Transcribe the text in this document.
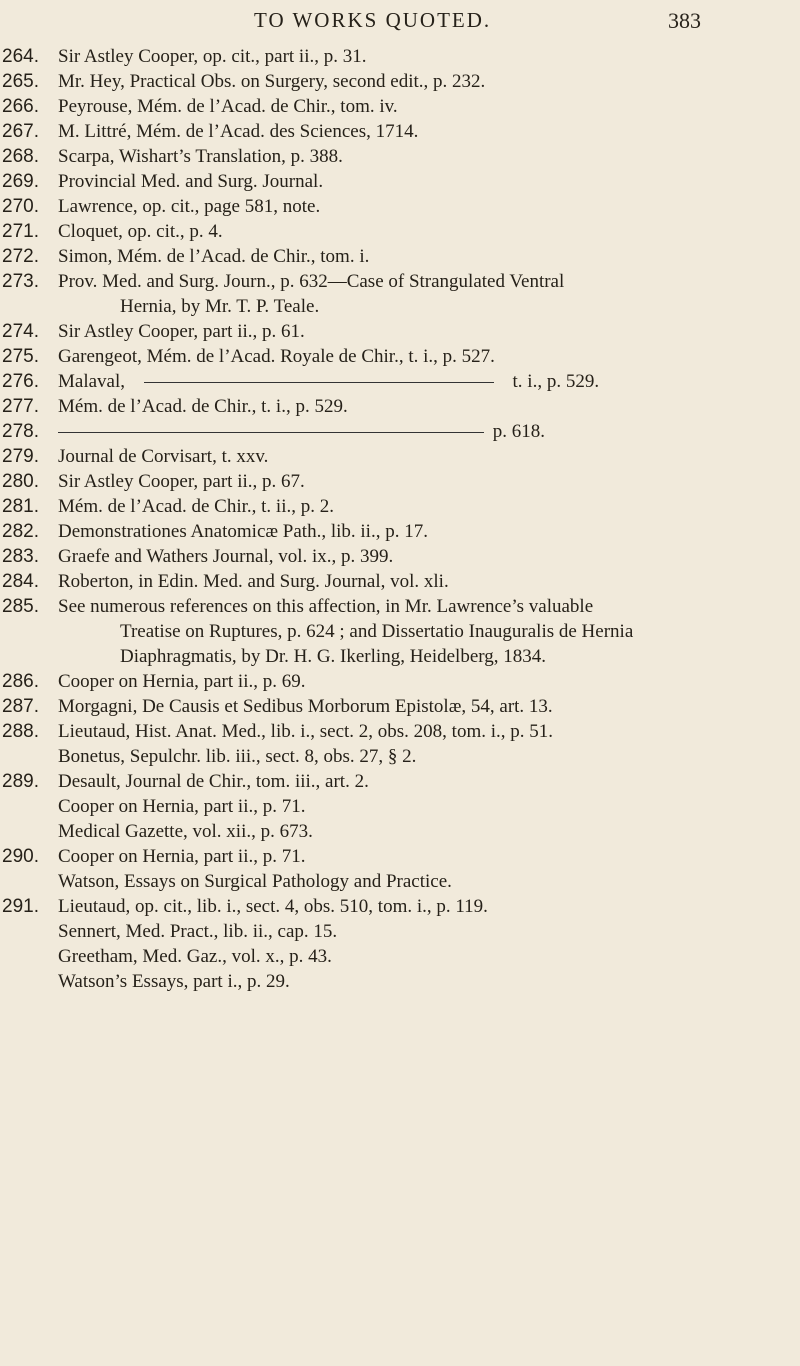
TO WORKS QUOTED.	383
264.	Sir Astley Cooper, op. cit., part ii., p. 31.
265.	Mr. Hey, Practical Obs. on Surgery, second edit., p. 232.
266.	Peyrouse, Mém. de l’Acad. de Chir., tom. iv.
267.	M. Littré, Mém. de l’Acad. des Sciences, 1714.
268.	Scarpa, Wishart’s Translation, p. 388.
269.	Provincial Med. and Surg. Journal.
270.	Lawrence, op. cit., page 581, note.
271.	Cloquet, op. cit., p. 4.
272.	Simon, Mém. de l’Acad. de Chir., tom. i.
273.	Prov. Med. and Surg. Journ., p. 632—Case of Strangulated Ventral
Hernia, by Mr. T. P. Teale.
274.	Sir Astley Cooper, part ii., p. 61.
275.	Garengeot, Mém. de l’Acad. Royale de Chir., t. i., p. 527.
276.	Malaval,	t. i., p. 529.
277.	Mém. de l’Acad. de Chir., t. i., p. 529.
278.	p. 618.
279.	Journal de Corvisart, t. xxv.
280.	Sir Astley Cooper, part ii., p. 67.
281.	Mém. de l’Acad. de Chir., t. ii., p. 2.
282.	Demonstrationes Anatomicæ Path., lib. ii., p. 17.
283.	Graefe and Wathers Journal, vol. ix., p. 399.
284.	Roberton, in Edin. Med. and Surg. Journal, vol. xli.
285.	See numerous references on this affection, in Mr. Lawrence’s valuable
Treatise on Ruptures, p. 624 ; and Dissertatio Inauguralis de Hernia
Diaphragmatis, by Dr. H. G. Ikerling, Heidelberg, 1834.
286.	Cooper on Hernia, part ii., p. 69.
287.	Morgagni, De Causis et Sedibus Morborum Epistolæ, 54, art. 13.
288.	Lieutaud, Hist. Anat. Med., lib. i., sect. 2, obs. 208, tom. i., p. 51.
Bonetus, Sepulchr. lib. iii., sect. 8, obs. 27, § 2.
289.	Desault, Journal de Chir., tom. iii., art. 2.
Cooper on Hernia, part ii., p. 71.
Medical Gazette, vol. xii., p. 673.
290.	Cooper on Hernia, part ii., p. 71.
Watson, Essays on Surgical Pathology and Practice.
291.	Lieutaud, op. cit., lib. i., sect. 4, obs. 510, tom. i., p. 119.
Sennert, Med. Pract., lib. ii., cap. 15.
Greetham, Med. Gaz., vol. x., p. 43.
Watson’s Essays, part i., p. 29.
